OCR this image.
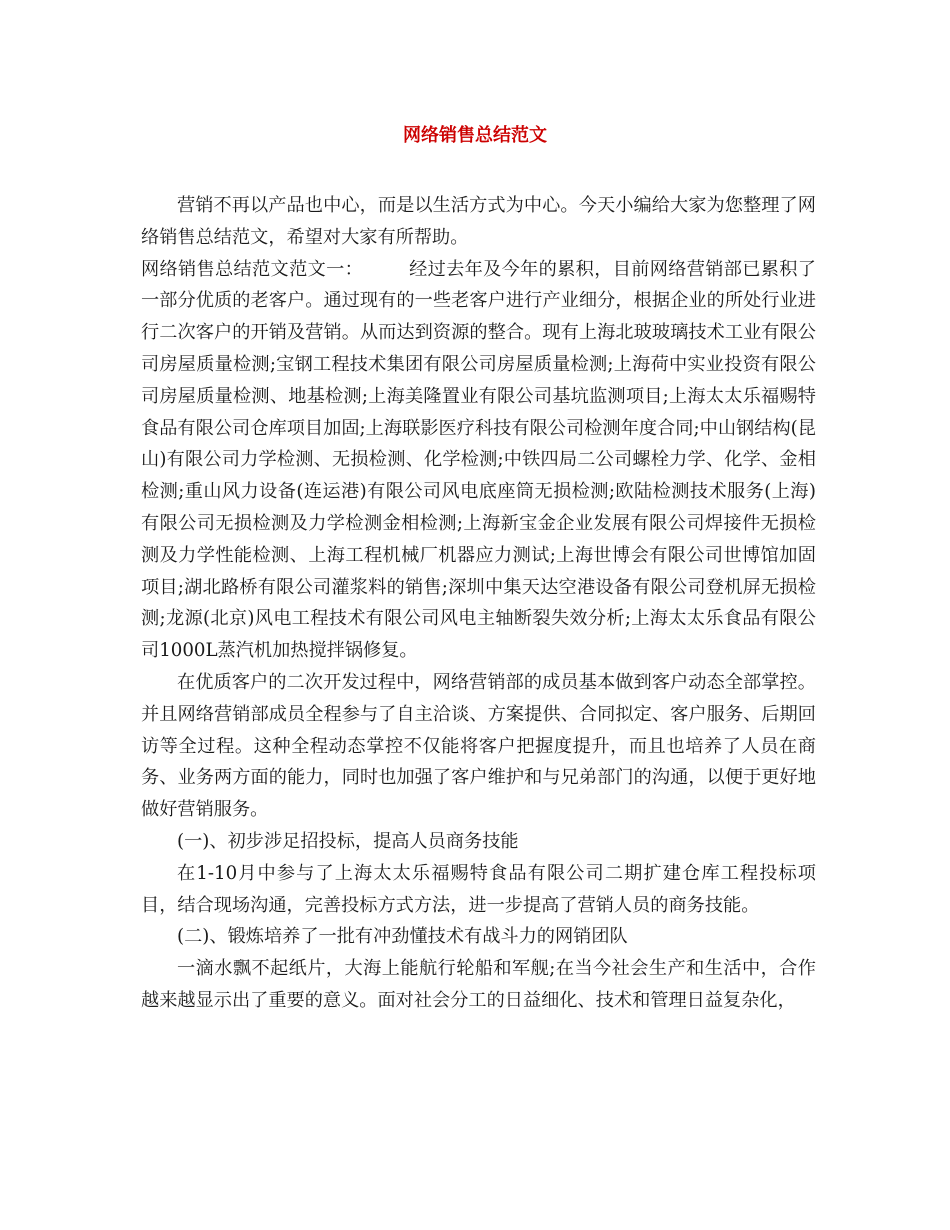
网络销售总结范文

营销不再以产品也中心，而是以生活方式为中心。今天小编给大家为您整理了网络销售总结范文，希望对大家有所帮助。

网络销售总结范文范文一：	经过去年及今年的累积，目前网络营销部已累积了一部分优质的老客户。通过现有的一些老客户进行产业细分，根据企业的所处行业进行二次客户的开销及营销。从而达到资源的整合。现有上海北玻玻璃技术工业有限公司房屋质量检测;宝钢工程技术集团有限公司房屋质量检测;上海荷中实业投资有限公司房屋质量检测、地基检测;上海美隆置业有限公司基坑监测项目;上海太太乐福赐特食品有限公司仓库项目加固;上海联影医疗科技有限公司检测年度合同;中山钢结构(昆山)有限公司力学检测、无损检测、化学检测;中铁四局二公司螺栓力学、化学、金相检测;重山风力设备(连运港)有限公司风电底座筒无损检测;欧陆检测技术服务(上海)有限公司无损检测及力学检测金相检测;上海新宝金企业发展有限公司焊接件无损检测及力学性能检测、上海工程机械厂机器应力测试;上海世博会有限公司世博馆加固项目;湖北路桥有限公司灌浆料的销售;深圳中集天达空港设备有限公司登机屏无损检测;龙源(北京)风电工程技术有限公司风电主轴断裂失效分析;上海太太乐食品有限公司1000L蒸汽机加热搅拌锅修复。

在优质客户的二次开发过程中，网络营销部的成员基本做到客户动态全部掌控。并且网络营销部成员全程参与了自主洽谈、方案提供、合同拟定、客户服务、后期回访等全过程。这种全程动态掌控不仅能将客户把握度提升，而且也培养了人员在商务、业务两方面的能力，同时也加强了客户维护和与兄弟部门的沟通，以便于更好地做好营销服务。

(一)、初步涉足招投标，提高人员商务技能

在1-10月中参与了上海太太乐福赐特食品有限公司二期扩建仓库工程投标项目，结合现场沟通，完善投标方式方法，进一步提高了营销人员的商务技能。

(二)、锻炼培养了一批有冲劲懂技术有战斗力的网销团队

一滴水飘不起纸片，大海上能航行轮船和军舰;在当今社会生产和生活中，合作越来越显示出了重要的意义。面对社会分工的日益细化、技术和管理日益复杂化，
